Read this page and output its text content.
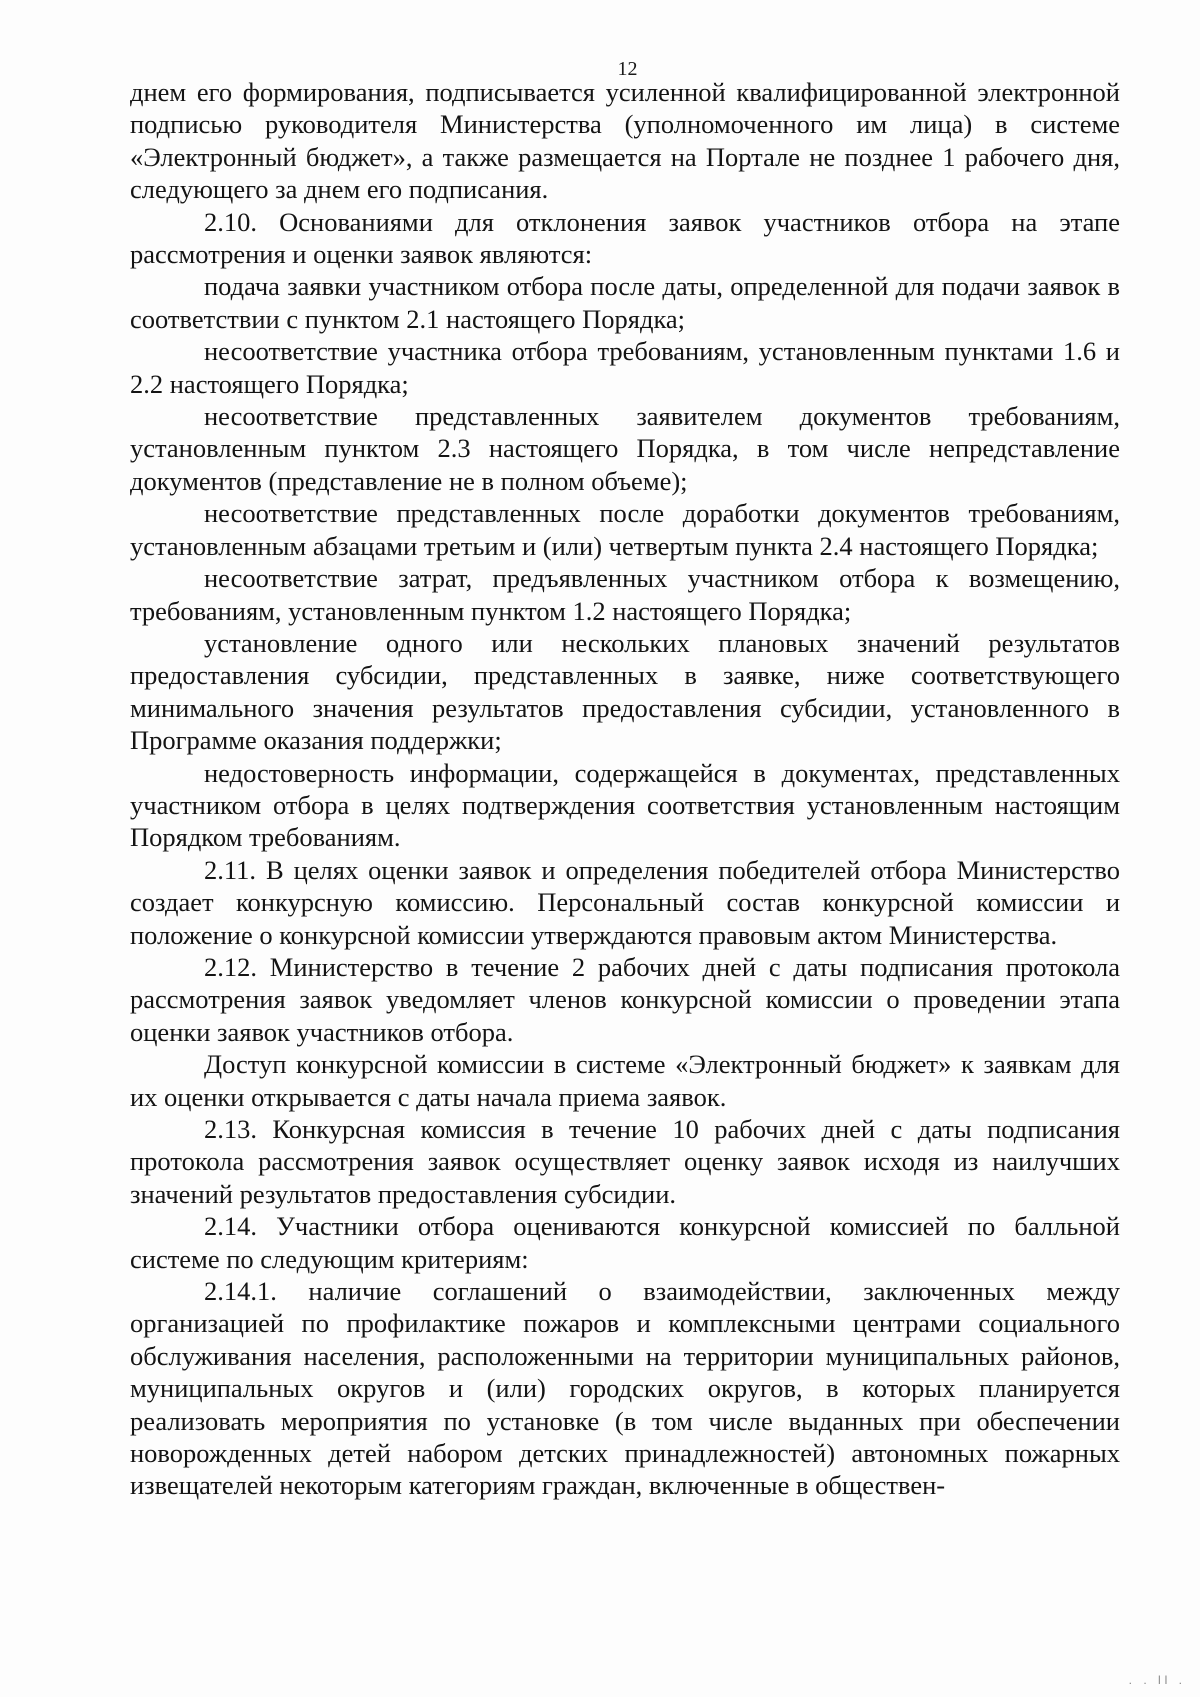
12

днем его формирования, подписывается усиленной квалифицированной электронной подписью руководителя Министерства (уполномоченного им лица) в системе «Электронный бюджет», а также размещается на Портале не позднее 1 рабочего дня, следующего за днем его подписания.

2.10. Основаниями для отклонения заявок участников отбора на этапе рассмотрения и оценки заявок являются:

подача заявки участником отбора после даты, определенной для подачи заявок в соответствии с пунктом 2.1 настоящего Порядка;

несоответствие участника отбора требованиям, установленным пунктами 1.6 и 2.2 настоящего Порядка;

несоответствие представленных заявителем документов требованиям, установленным пунктом 2.3 настоящего Порядка, в том числе непредставление документов (представление не в полном объеме);

несоответствие представленных после доработки документов требованиям, установленным абзацами третьим и (или) четвертым пункта 2.4 настоящего Порядка;

несоответствие затрат, предъявленных участником отбора к возмещению, требованиям, установленным пунктом 1.2 настоящего Порядка;

установление одного или нескольких плановых значений результатов предоставления субсидии, представленных в заявке, ниже соответствующего минимального значения результатов предоставления субсидии, установленного в Программе оказания поддержки;

недостоверность информации, содержащейся в документах, представленных участником отбора в целях подтверждения соответствия установленным настоящим Порядком требованиям.

2.11. В целях оценки заявок и определения победителей отбора Министерство создает конкурсную комиссию. Персональный состав конкурсной комиссии и положение о конкурсной комиссии утверждаются правовым актом Министерства.

2.12. Министерство в течение 2 рабочих дней с даты подписания протокола рассмотрения заявок уведомляет членов конкурсной комиссии о проведении этапа оценки заявок участников отбора.

Доступ конкурсной комиссии в системе «Электронный бюджет» к заявкам для их оценки открывается с даты начала приема заявок.

2.13. Конкурсная комиссия в течение 10 рабочих дней с даты подписания протокола рассмотрения заявок осуществляет оценку заявок исходя из наилучших значений результатов предоставления субсидии.

2.14. Участники отбора оцениваются конкурсной комиссией по балльной системе по следующим критериям:

2.14.1. наличие соглашений о взаимодействии, заключенных между организацией по профилактике пожаров и комплексными центрами социального обслуживания населения, расположенными на территории муниципальных районов, муниципальных округов и (или) городских округов, в которых планируется реализовать мероприятия по установке (в том числе выданных при обеспечении новорожденных детей набором детских принадлежностей) автономных пожарных извещателей некоторым категориям граждан, включенные в обществен-

. . ll .
